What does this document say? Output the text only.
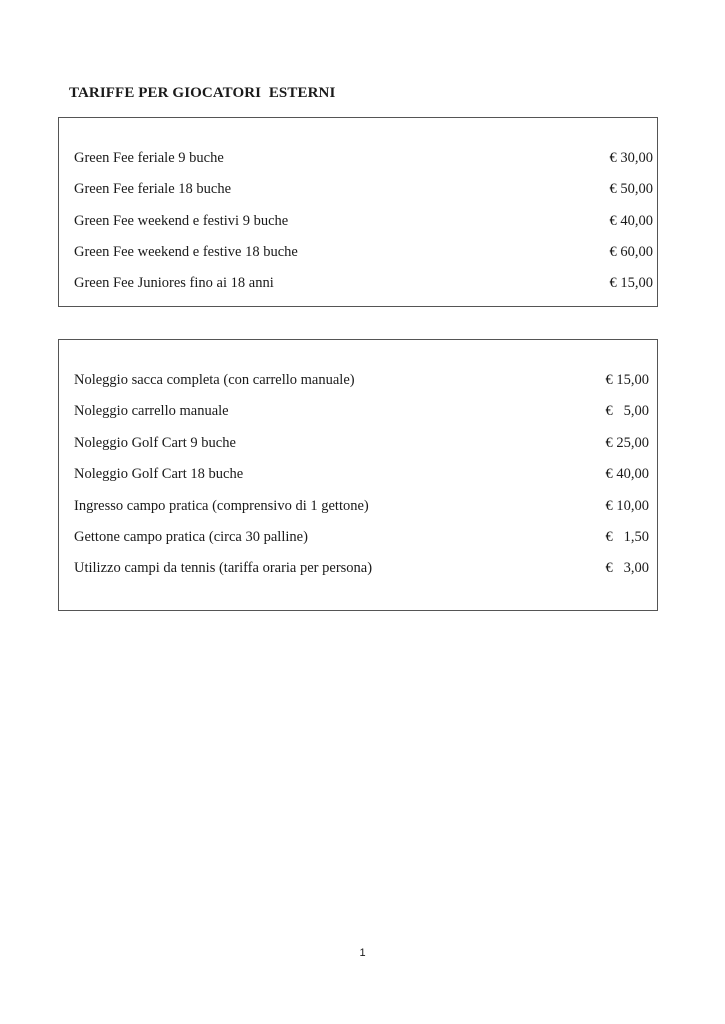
TARIFFE PER GIOCATORI  ESTERNI
Green Fee feriale 9 buche	€ 30,00
Green Fee feriale 18 buche	€ 50,00
Green Fee weekend e festivi 9 buche	€ 40,00
Green Fee weekend e festive 18 buche	€ 60,00
Green Fee Juniores fino ai 18 anni	€ 15,00
Noleggio sacca completa (con carrello manuale)	€ 15,00
Noleggio carrello manuale	€   5,00
Noleggio Golf Cart 9 buche	€ 25,00
Noleggio Golf Cart 18 buche	€ 40,00
Ingresso campo pratica (comprensivo di 1 gettone)	€ 10,00
Gettone campo pratica (circa 30 palline)	€   1,50
Utilizzo campi da tennis (tariffa oraria per persona)	€   3,00
1
